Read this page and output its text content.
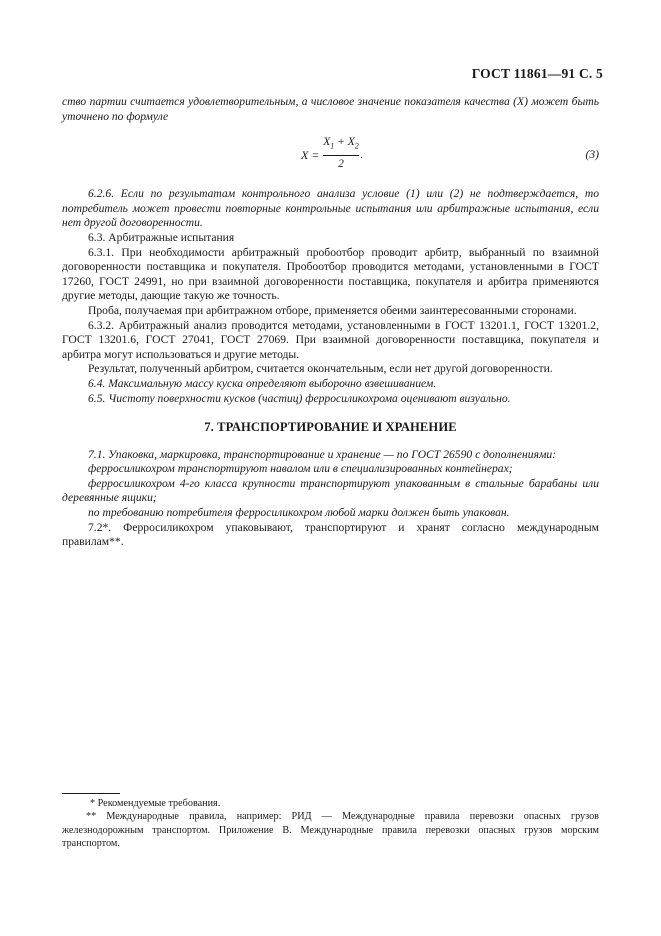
ГОСТ 11861—91 С. 5

ство партии считается удовлетворительным, а числовое значение показателя качества (X) может быть уточнено по формуле

$X = \frac{X_1 + X_2}{2}$ .	(3)

6.2.6. Если по результатам контрольного анализа условие (1) или (2) не подтверждается, то потребитель может провести повторные контрольные испытания или арбитражные испытания, если нет другой договоренности.

6.3. Арбитражные испытания

6.3.1. При необходимости арбитражный пробоотбор проводит арбитр, выбранный по взаимной договоренности поставщика и покупателя. Пробоотбор проводится методами, установленными в ГОСТ 17260, ГОСТ 24991, но при взаимной договоренности поставщика, покупателя и арбитра применяются другие методы, дающие такую же точность.

Проба, получаемая при арбитражном отборе, применяется обеими заинтересованными сторонами.

6.3.2. Арбитражный анализ проводится методами, установленными в ГОСТ 13201.1, ГОСТ 13201.2, ГОСТ 13201.6, ГОСТ 27041, ГОСТ 27069. При взаимной договоренности поставщика, покупателя и арбитра могут использоваться и другие методы.

Результат, полученный арбитром, считается окончательным, если нет другой договоренности.

6.4. Максимальную массу куска определяют выборочно взвешиванием.

6.5. Чистоту поверхности кусков (частиц) ферросиликохрома оценивают визуально.

7. ТРАНСПОРТИРОВАНИЕ И ХРАНЕНИЕ

7.1. Упаковка, маркировка, транспортирование и хранение — по ГОСТ 26590 с дополнениями:

ферросиликохром транспортируют навалом или в специализированных контейнерах;

ферросиликохром 4-го класса крупности транспортируют упакованным в стальные барабаны или деревянные ящики;

по требованию потребителя ферросиликохром любой марки должен быть упакован.

7.2*. Ферросиликохром упаковывают, транспортируют и хранят согласно международным правилам**.

* Рекомендуемые требования.

** Международные правила, например: РИД — Международные правила перевозки опасных грузов железнодорожным транспортом. Приложение В. Международные правила перевозки опасных грузов морским транспортом.
